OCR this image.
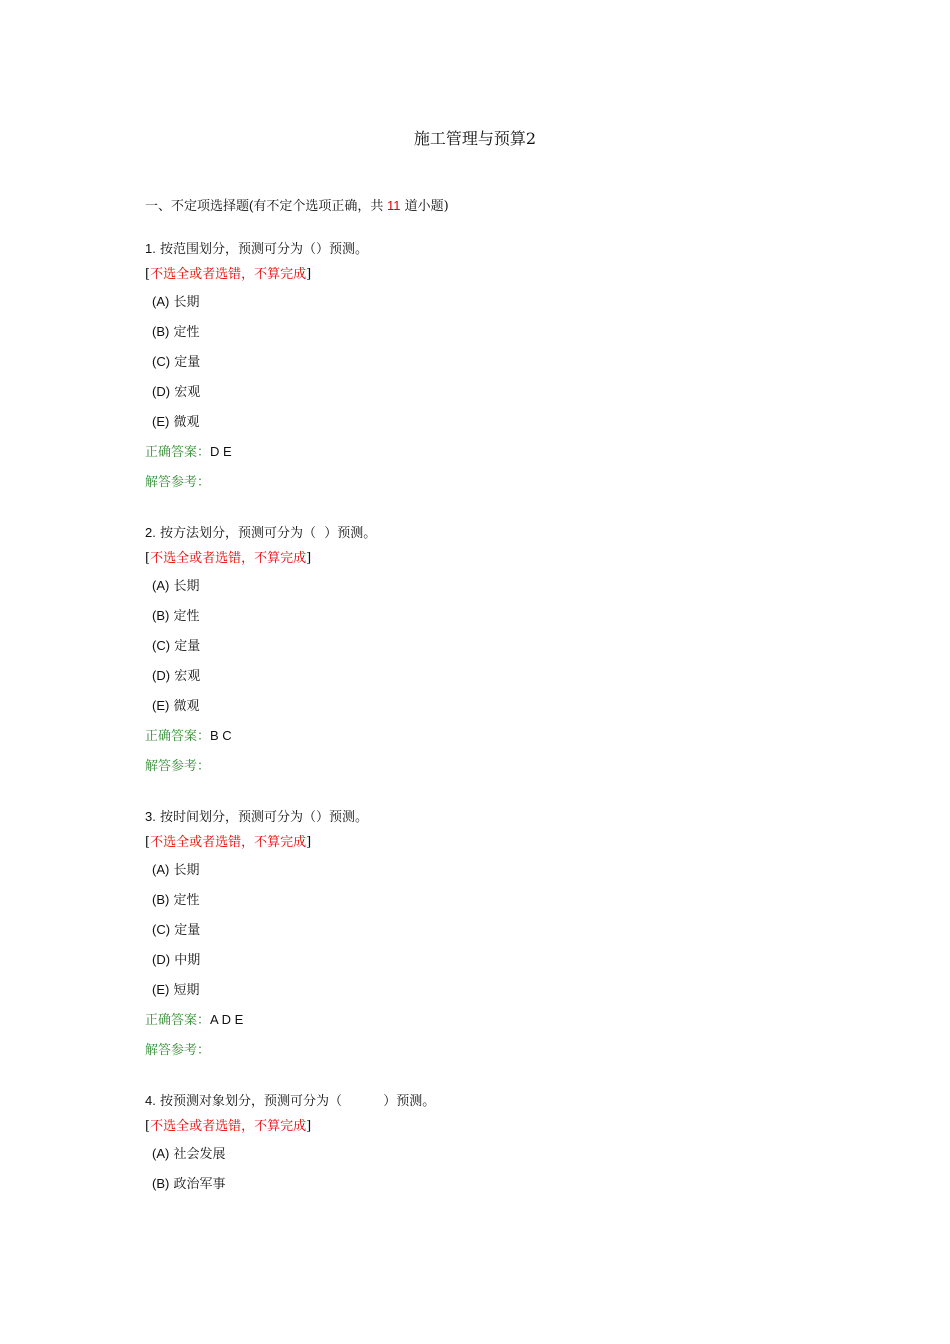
施工管理与预算2
一、不定项选择题(有不定个选项正确，共 11 道小题)
1. 按范围划分，预测可分为（）预测。
[不选全或者选错，不算完成]
(A) 长期
(B) 定性
(C) 定量
(D) 宏观
(E) 微观
正确答案：D E
解答参考：
2. 按方法划分，预测可分为（  ）预测。
[不选全或者选错，不算完成]
(A) 长期
(B) 定性
(C) 定量
(D) 宏观
(E) 微观
正确答案：B C
解答参考：
3. 按时间划分，预测可分为（）预测。
[不选全或者选错，不算完成]
(A) 长期
(B) 定性
(C) 定量
(D) 中期
(E) 短期
正确答案：A D E
解答参考：
4. 按预测对象划分，预测可分为（          ）预测。
[不选全或者选错，不算完成]
(A) 社会发展
(B) 政治军事
